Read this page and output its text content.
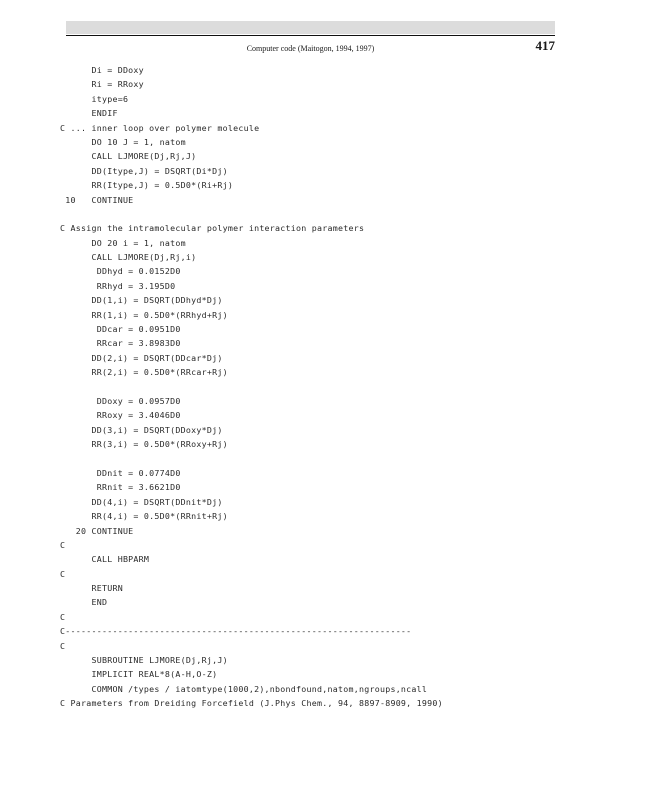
Computer code (Maitogon, 1994, 1997)	417
Di = DDoxy
Ri = RRoxy
itype=6
ENDIF
C ... inner loop over polymer molecule
DO 10 J = 1, natom
CALL LJMORE(Dj,Rj,J)
DD(Itype,J) = DSQRT(Di*Dj)
RR(Itype,J) = 0.5D0*(Ri+Rj)
10   CONTINUE
C Assign the intramolecular polymer interaction parameters
DO 20 i = 1, natom
CALL LJMORE(Dj,Rj,i)
DDhyd = 0.0152D0
RRhyd = 3.195D0
DD(1,i) = DSQRT(DDhyd*Dj)
RR(1,i) = 0.5D0*(RRhyd+Rj)
DDcar = 0.0951D0
RRcar = 3.8983D0
DD(2,i) = DSQRT(DDcar*Dj)
RR(2,i) = 0.5D0*(RRcar+Rj)
DDoxy = 0.0957D0
RRoxy = 3.4046D0
DD(3,i) = DSQRT(DDoxy*Dj)
RR(3,i) = 0.5D0*(RRoxy+Rj)
DDnit = 0.0774D0
RRnit = 3.6621D0
DD(4,i) = DSQRT(DDnit*Dj)
RR(4,i) = 0.5D0*(RRnit+Rj)
20 CONTINUE
C
CALL HBPARM
C
RETURN
END
C
C------------------------------------------------------------------
C
SUBROUTINE LJMORE(Dj,Rj,J)
IMPLICIT REAL*8(A-H,O-Z)
COMMON /types / iatomtype(1000,2),nbondfound,natom,ngroups,ncall
C Parameters from Dreiding Forcefield (J.Phys Chem., 94, 8897-8909, 1990)
